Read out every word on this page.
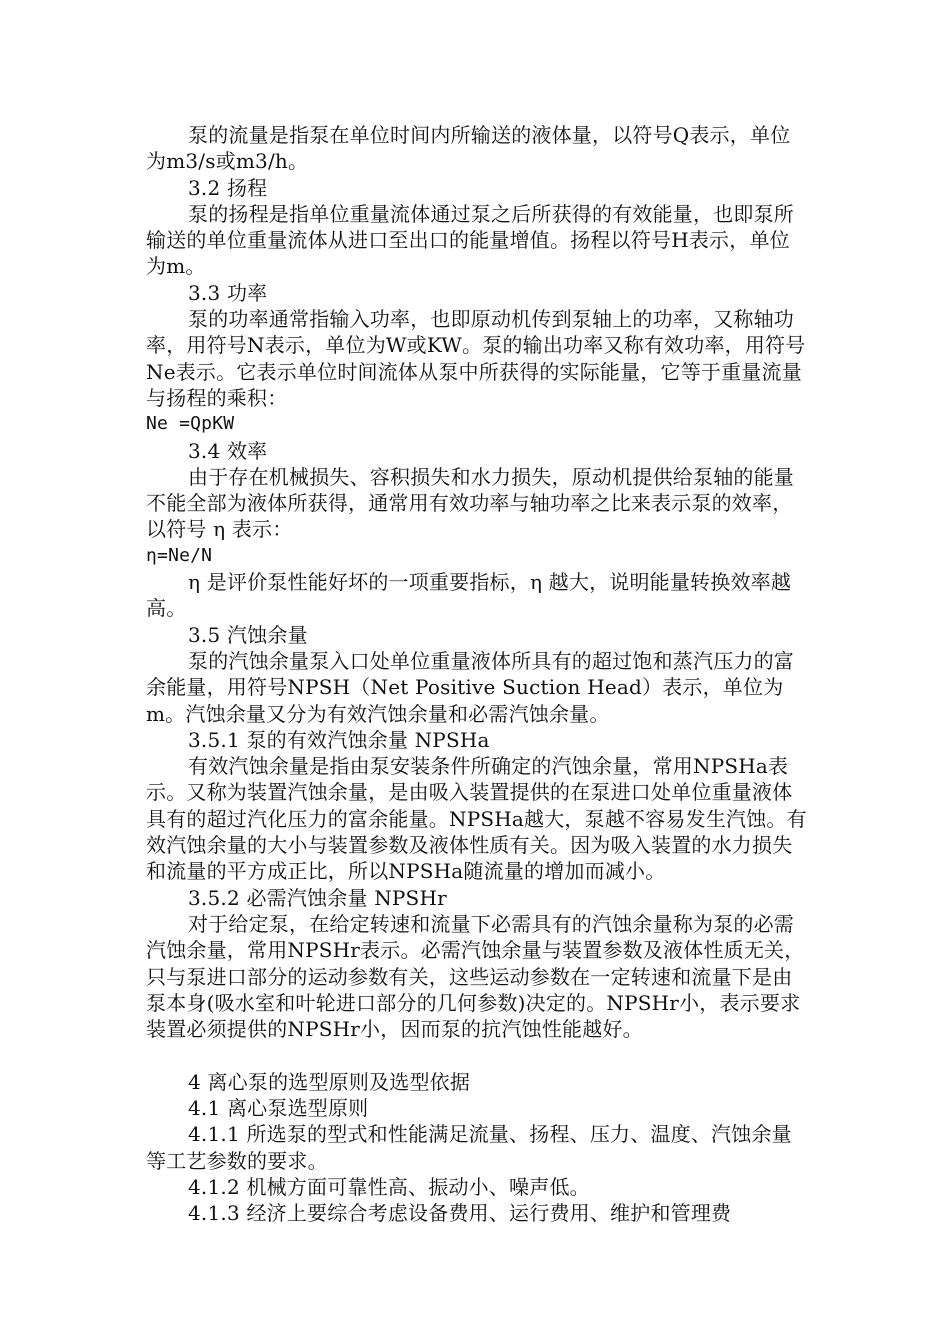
泵的流量是指泵在单位时间内所输送的液体量，以符号Q表示，单位为m3/s或m3/h。

3.2 扬程

泵的扬程是指单位重量流体通过泵之后所获得的有效能量，也即泵所输送的单位重量流体从进口至出口的能量增值。扬程以符号H表示，单位为m。

3.3 功率

泵的功率通常指输入功率，也即原动机传到泵轴上的功率，又称轴功率，用符号N表示，单位为W或KW。泵的输出功率又称有效功率，用符号Ne表示。它表示单位时间流体从泵中所获得的实际能量，它等于重量流量与扬程的乘积：

Ne =QpKW

3.4 效率

由于存在机械损失、容积损失和水力损失，原动机提供给泵轴的能量不能全部为液体所获得，通常用有效功率与轴功率之比来表示泵的效率，以符号 η 表示：

η=Ne/N

η 是评价泵性能好坏的一项重要指标，η 越大，说明能量转换效率越高。

3.5 汽蚀余量

泵的汽蚀余量泵入口处单位重量液体所具有的超过饱和蒸汽压力的富余能量，用符号NPSH（Net Positive Suction Head）表示，单位为m。汽蚀余量又分为有效汽蚀余量和必需汽蚀余量。

3.5.1 泵的有效汽蚀余量 NPSHa

有效汽蚀余量是指由泵安装条件所确定的汽蚀余量，常用NPSHa表示。又称为装置汽蚀余量，是由吸入装置提供的在泵进口处单位重量液体具有的超过汽化压力的富余能量。NPSHa越大，泵越不容易发生汽蚀。有效汽蚀余量的大小与装置参数及液体性质有关。因为吸入装置的水力损失和流量的平方成正比，所以NPSHa随流量的增加而减小。

3.5.2 必需汽蚀余量 NPSHr

对于给定泵，在给定转速和流量下必需具有的汽蚀余量称为泵的必需汽蚀余量，常用NPSHr表示。必需汽蚀余量与装置参数及液体性质无关，只与泵进口部分的运动参数有关，这些运动参数在一定转速和流量下是由泵本身(吸水室和叶轮进口部分的几何参数)决定的。NPSHr小，表示要求装置必须提供的NPSHr小，因而泵的抗汽蚀性能越好。

4 离心泵的选型原则及选型依据

4.1 离心泵选型原则

4.1.1 所选泵的型式和性能满足流量、扬程、压力、温度、汽蚀余量等工艺参数的要求。

4.1.2 机械方面可靠性高、振动小、噪声低。

4.1.3 经济上要综合考虑设备费用、运行费用、维护和管理费
